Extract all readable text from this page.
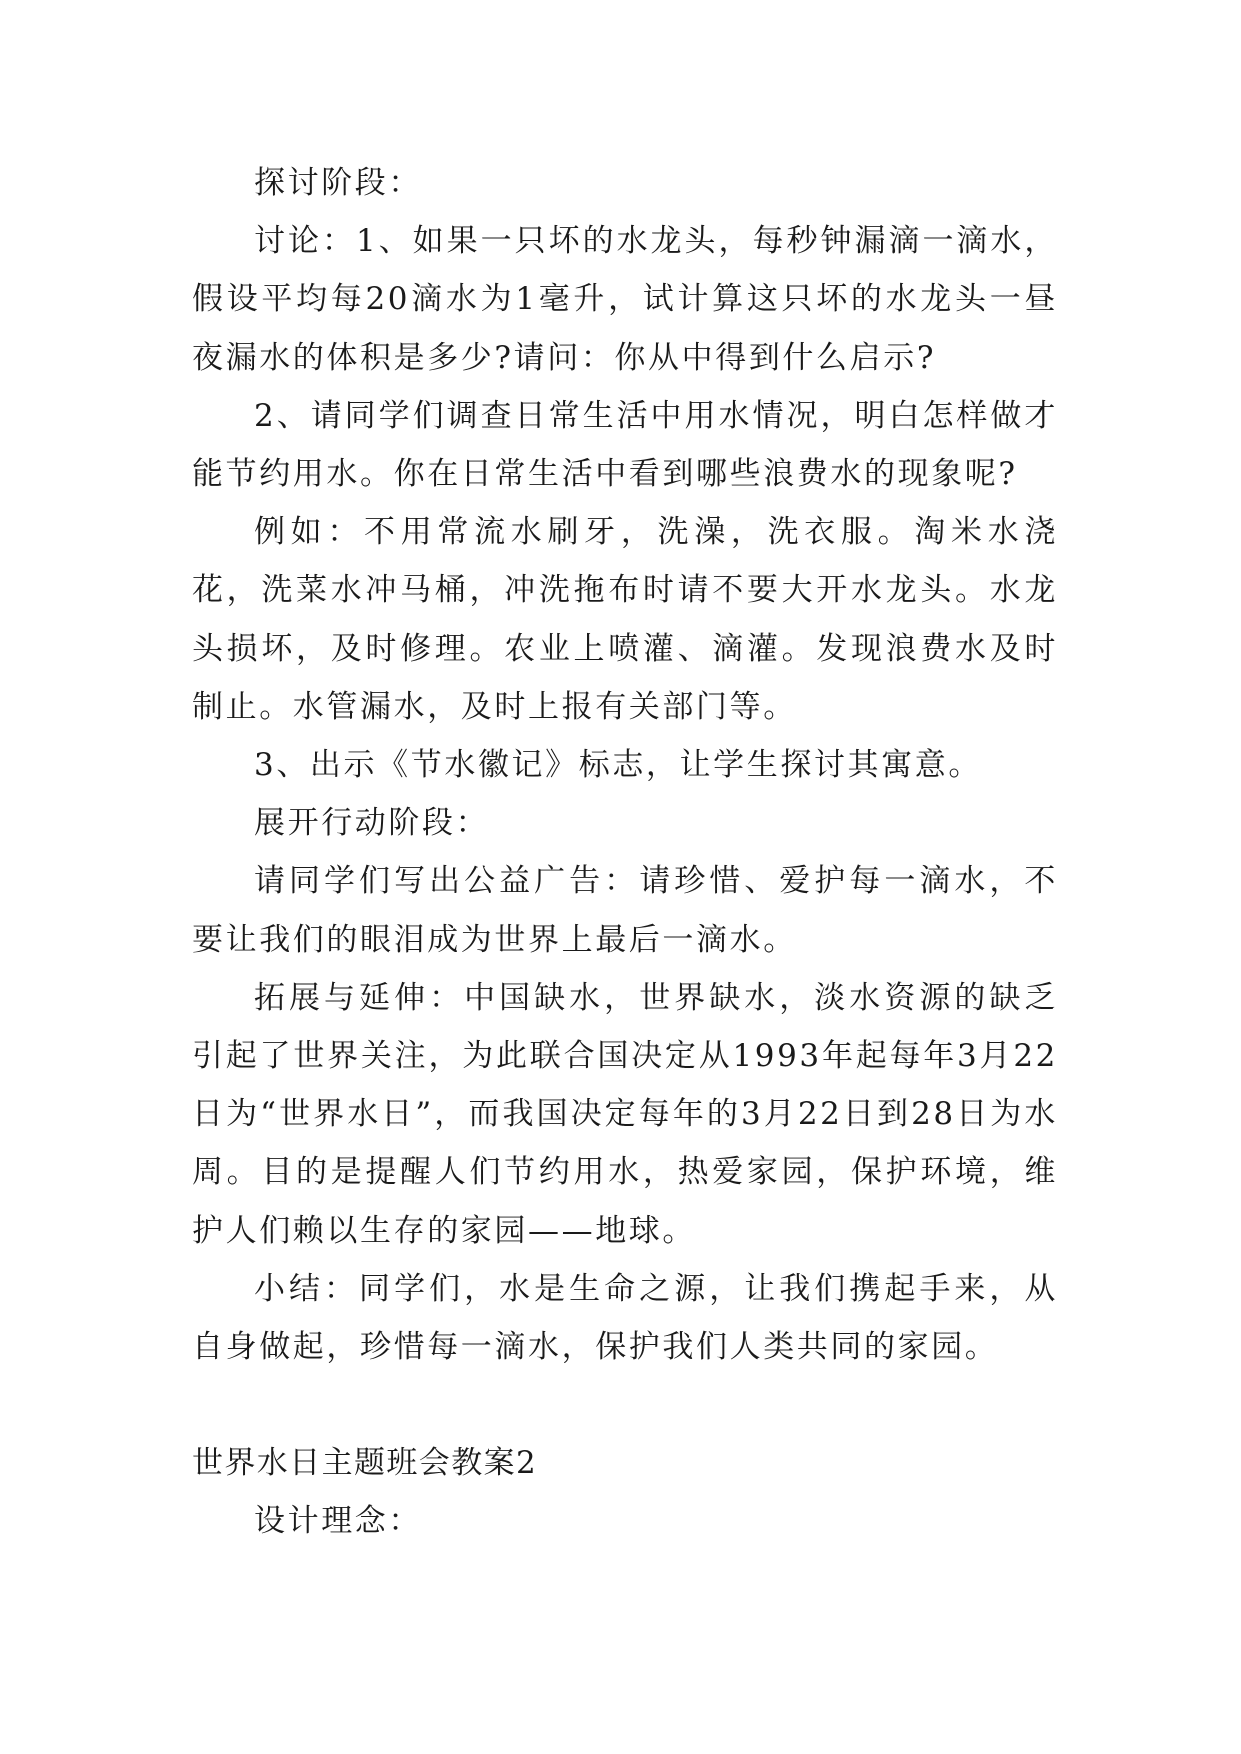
探讨阶段：

讨论：1、如果一只坏的水龙头，每秒钟漏滴一滴水，假设平均每20滴水为1毫升，试计算这只坏的水龙头一昼夜漏水的体积是多少?请问：你从中得到什么启示?

2、请同学们调查日常生活中用水情况，明白怎样做才能节约用水。你在日常生活中看到哪些浪费水的现象呢?

例如：不用常流水刷牙，洗澡，洗衣服。淘米水浇花，洗菜水冲马桶，冲洗拖布时请不要大开水龙头。水龙头损坏，及时修理。农业上喷灌、滴灌。发现浪费水及时制止。水管漏水，及时上报有关部门等。

3、出示《节水徽记》标志，让学生探讨其寓意。

展开行动阶段：

请同学们写出公益广告：请珍惜、爱护每一滴水，不要让我们的眼泪成为世界上最后一滴水。

拓展与延伸：中国缺水，世界缺水，淡水资源的缺乏引起了世界关注，为此联合国决定从1993年起每年3月22日为“世界水日”，而我国决定每年的3月22日到28日为水周。目的是提醒人们节约用水，热爱家园，保护环境，维护人们赖以生存的家园——地球。

小结：同学们，水是生命之源，让我们携起手来，从自身做起，珍惜每一滴水，保护我们人类共同的家园。

世界水日主题班会教案2

设计理念：
